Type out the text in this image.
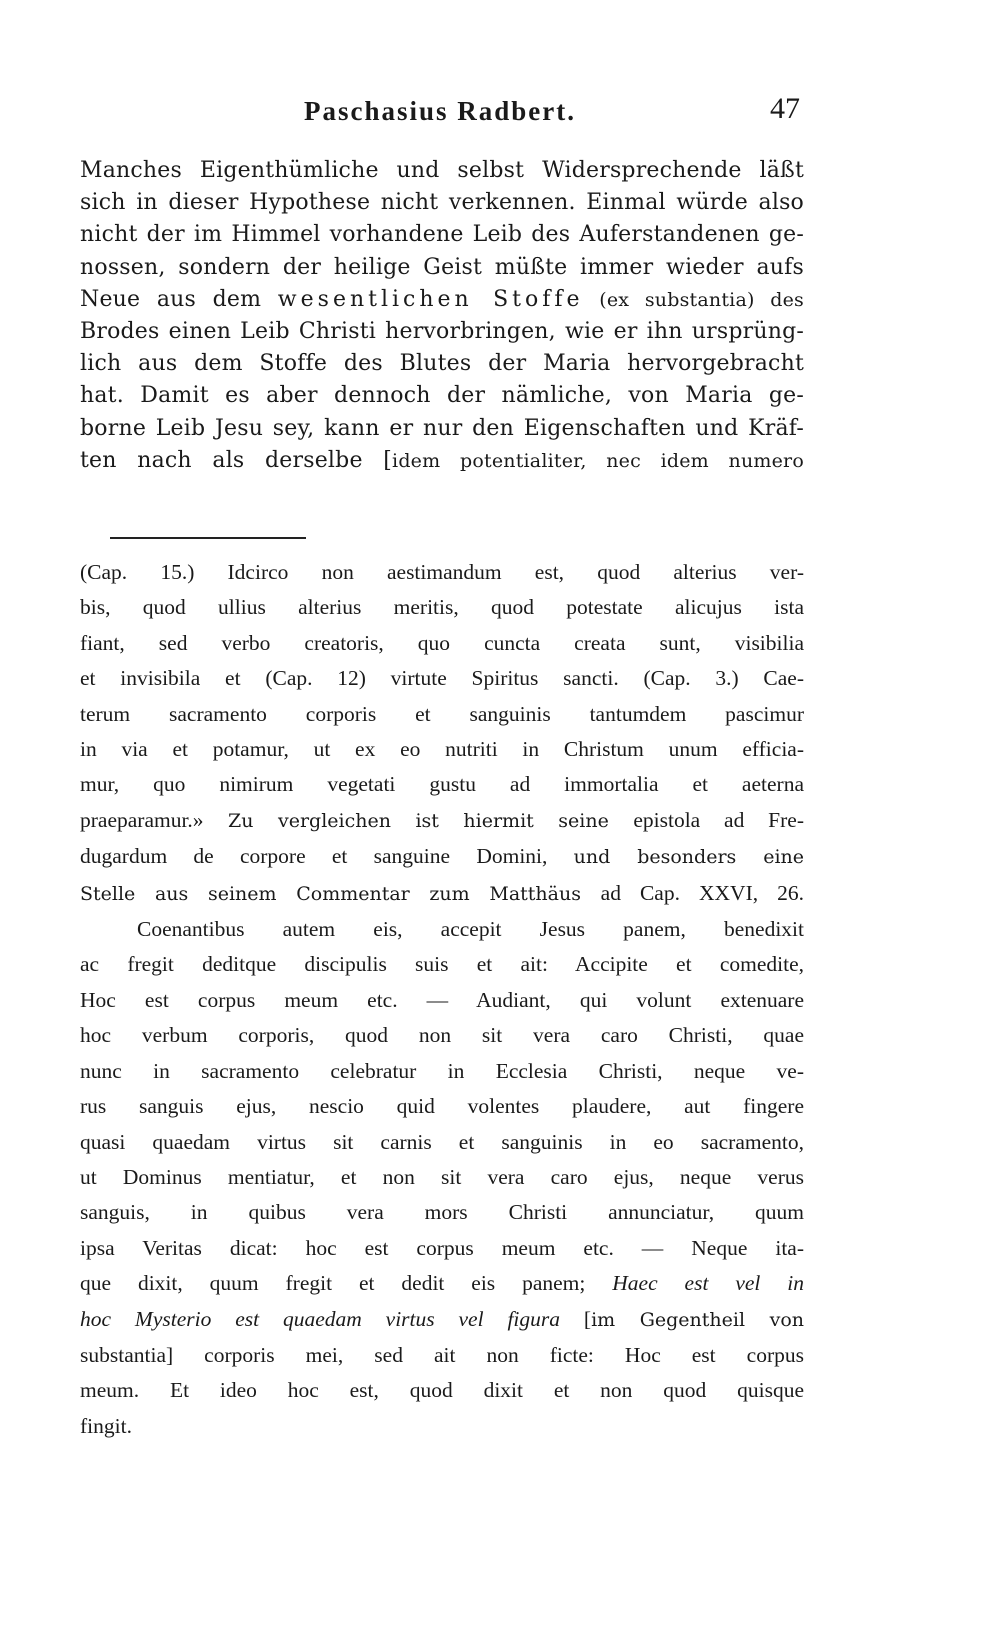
Paschasius Radbert.	47
Manches Eigenthümliche und selbst Widersprechende läßt
sich in dieser Hypothese nicht verkennen. Einmal würde also
nicht der im Himmel vorhandene Leib des Auferstandenen ge-
nossen, sondern der heilige Geist müßte immer wieder aufs
Neue aus dem wesentlichen Stoffe (ex substantia) des
Brodes einen Leib Christi hervorbringen, wie er ihn ursprüng-
lich aus dem Stoffe des Blutes der Maria hervorgebracht
hat. Damit es aber dennoch der nämliche, von Maria ge-
borne Leib Jesu sey, kann er nur den Eigenschaften und Kräf-
ten nach als derselbe [idem potentialiter, nec idem numero
(Cap. 15.) Idcirco non aestimandum est, quod alterius ver-
bis, quod ullius alterius meritis, quod potestate alicujus ista
fiant, sed verbo creatoris, quo cuncta creata sunt, visibilia
et invisibila et (Cap. 12) virtute Spiritus sancti. (Cap. 3.) Cae-
terum sacramento corporis et sanguinis tantumdem pascimur
in via et potamur, ut ex eo nutriti in Christum unum efficia-
mur, quo nimirum vegetati gustu ad immortalia et aeterna
praeparamur.» Zu vergleichen ist hiermit seine epistola ad Fre-
dugardum de corpore et sanguine Domini, und besonders eine
Stelle aus seinem Commentar zum Matthäus ad Cap. XXVI, 26.
Coenantibus autem eis, accepit Jesus panem, benedixit
ac fregit deditque discipulis suis et ait: Accipite et comedite,
Hoc est corpus meum etc. — Audiant, qui volunt extenuare
hoc verbum corporis, quod non sit vera caro Christi, quae
nunc in sacramento celebratur in Ecclesia Christi, neque ve-
rus sanguis ejus, nescio quid volentes plaudere, aut fingere
quasi quaedam virtus sit carnis et sanguinis in eo sacramento,
ut Dominus mentiatur, et non sit vera caro ejus, neque verus
sanguis, in quibus vera mors Christi annunciatur, quum
ipsa Veritas dicat: hoc est corpus meum etc. — Neque ita-
que dixit, quum fregit et dedit eis panem; Haec est vel in
hoc Mysterio est quaedam virtus vel figura [im Gegentheil von
substantia] corporis mei, sed ait non ficte: Hoc est corpus
meum. Et ideo hoc est, quod dixit et non quod quisque
fingit.
